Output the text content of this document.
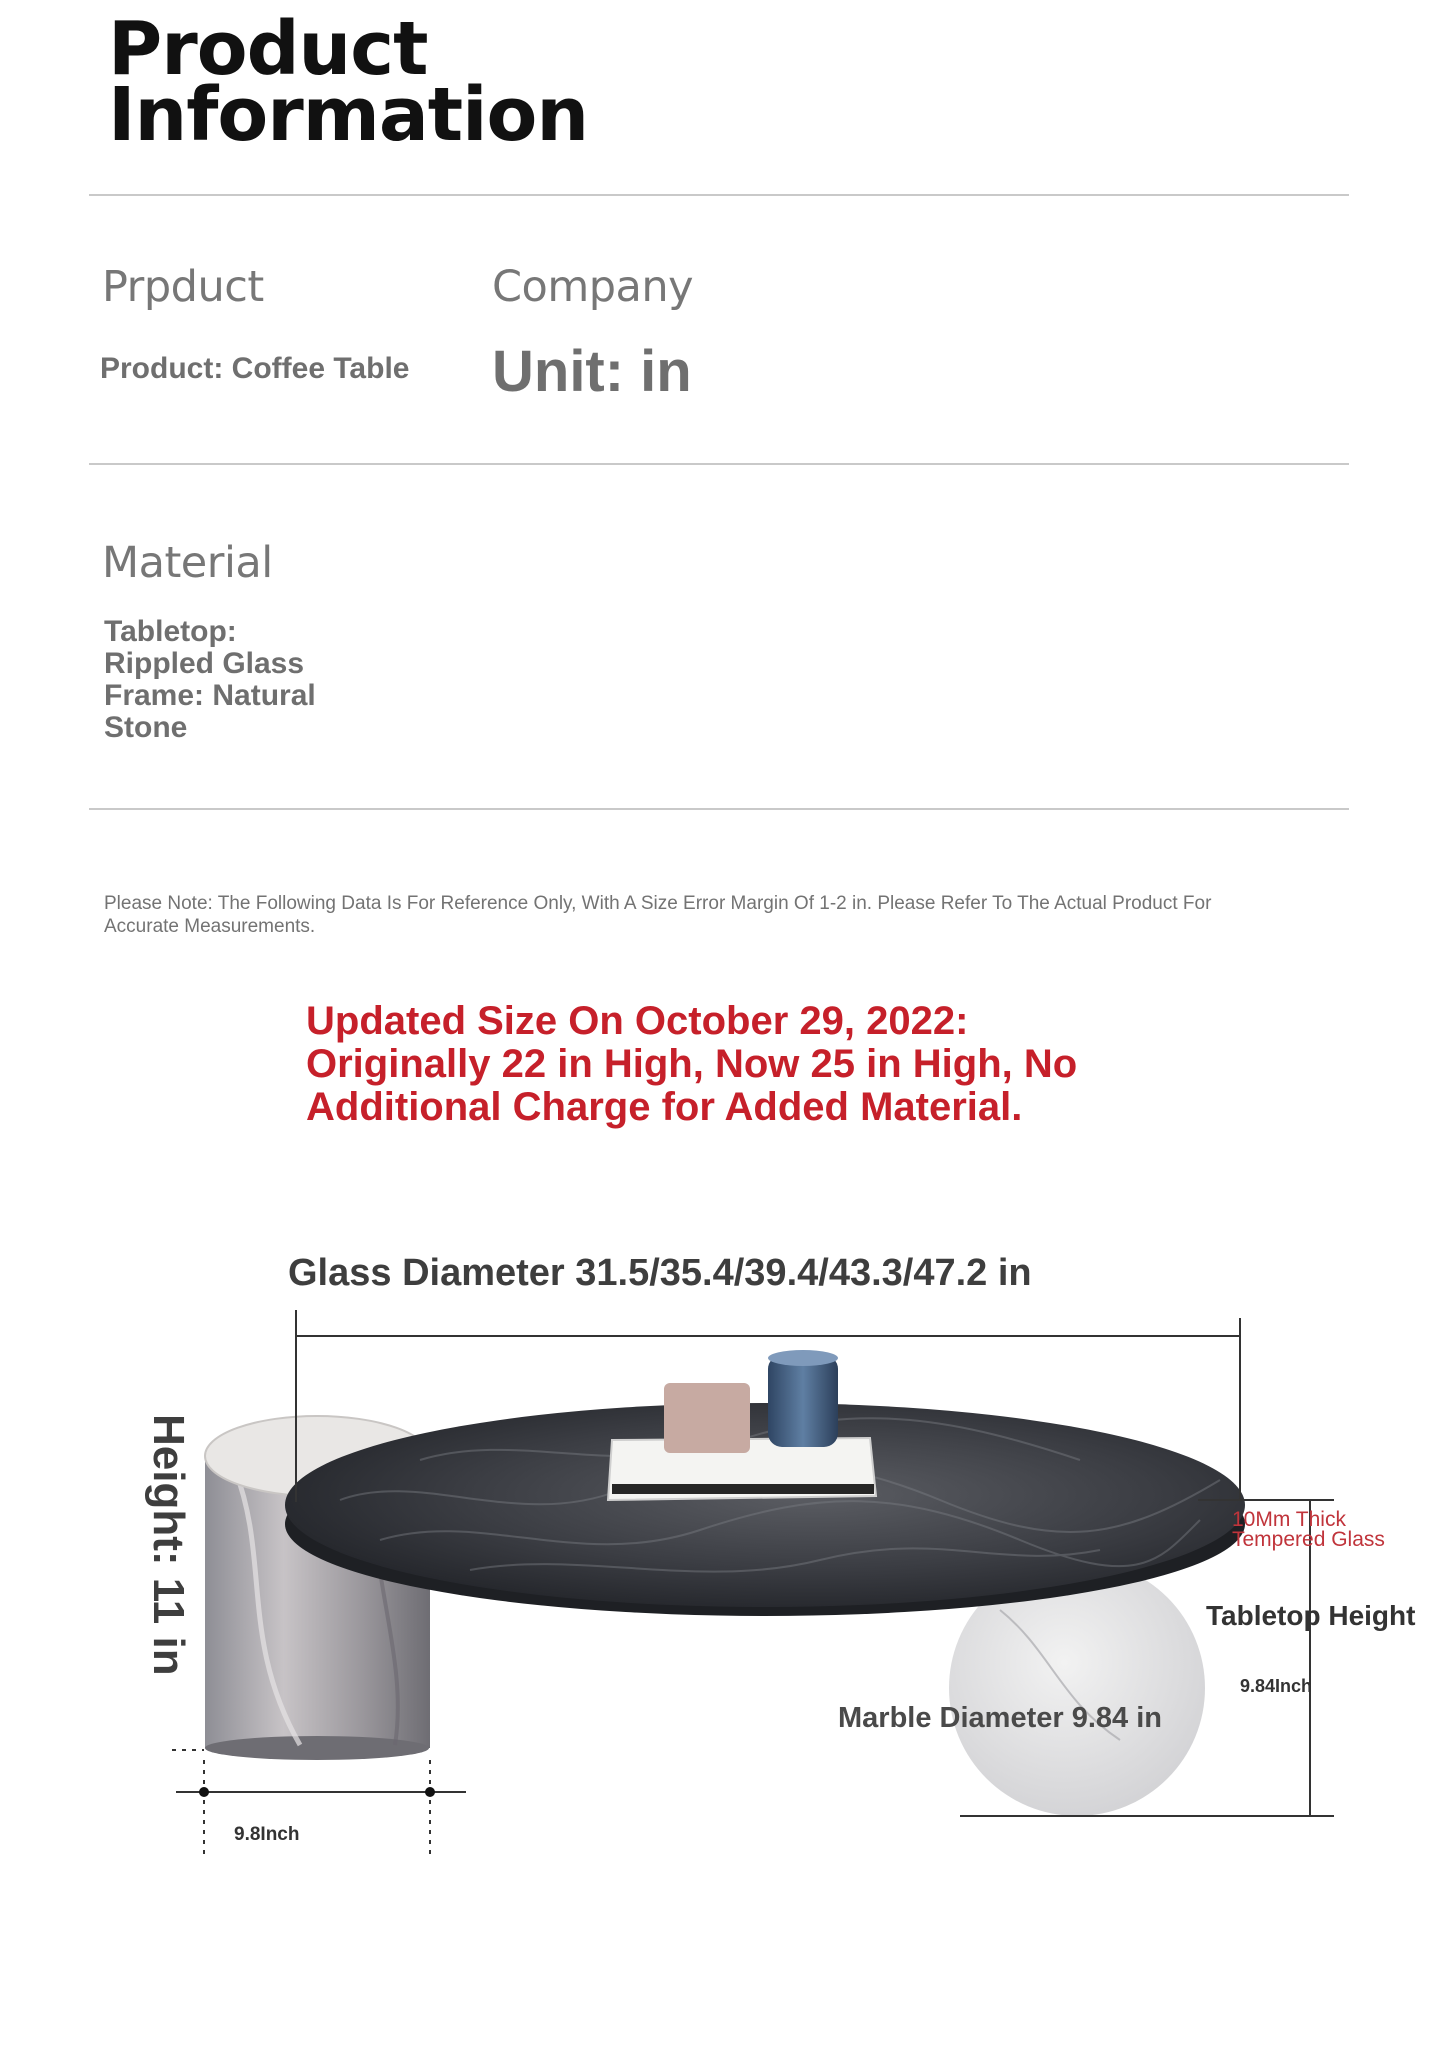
Product
Information
Prpduct	Company
Product: Coffee Table Unit: in
Material
Tabletop:
Rippled Glass
Frame: Natural
Stone
Please Note: The Following Data Is For Reference Only, With A Size Error Margin Of 1-2 in. Please Refer To The Actual Product For Accurate Measurements.
Updated Size On October 29, 2022:
Originally 22 in High, Now 25 in High, No
Additional Charge for Added Material.
Glass Diameter 31.5/35.4/39.4/43.3/47.2 in
Height: 11 in	10Mm Thick
Tempered Glass
Tabletop Height
9.84Inch
Marble Diameter 9.84 in
9.8Inch
